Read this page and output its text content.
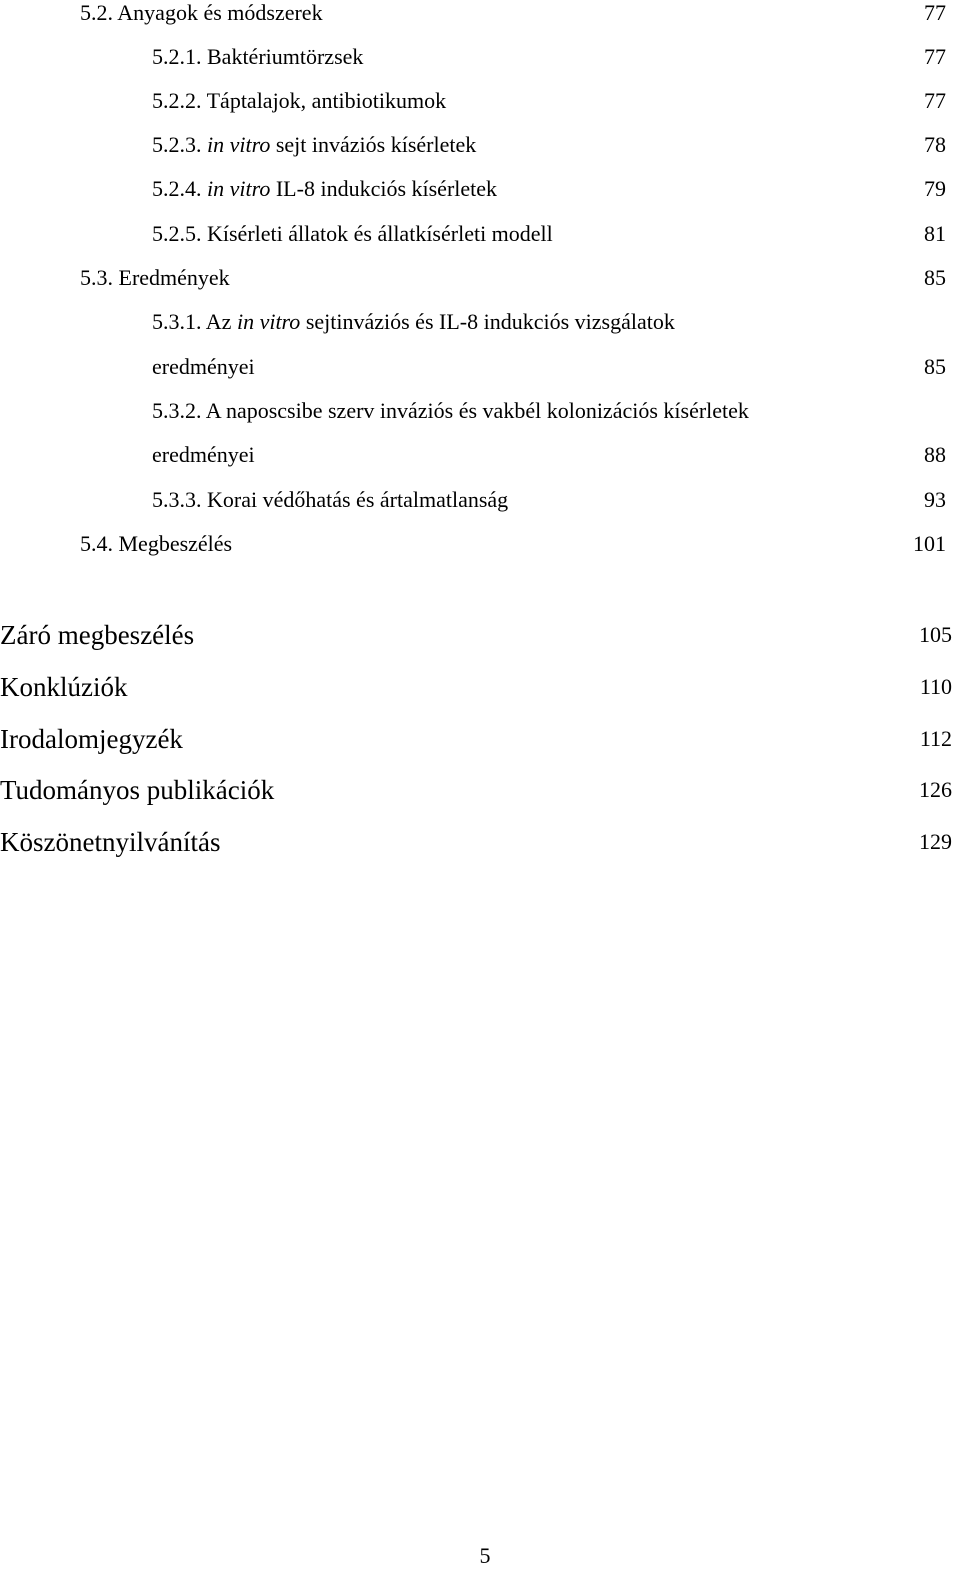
5.2. Anyagok és módszerek	77
5.2.1. Baktériumtörzsek	77
5.2.2. Táptalajok, antibiotikumok	77
5.2.3. in vitro sejt inváziós kísérletek	78
5.2.4. in vitro IL-8 indukciós kísérletek	79
5.2.5. Kísérleti állatok és állatkísérleti modell	81
5.3. Eredmények	85
5.3.1. Az in vitro sejtinváziós és IL-8 indukciós vizsgálatok
eredményei	85
5.3.2. A naposcsibe szerv inváziós és vakbél kolonizációs kísérletek
eredményei	88
5.3.3. Korai védőhatás és ártalmatlanság	93
5.4. Megbeszélés	101
Záró megbeszélés	105
Konklúziók	110
Irodalomjegyzék	112
Tudományos publikációk	126
Köszönetnyilvánítás	129
5
